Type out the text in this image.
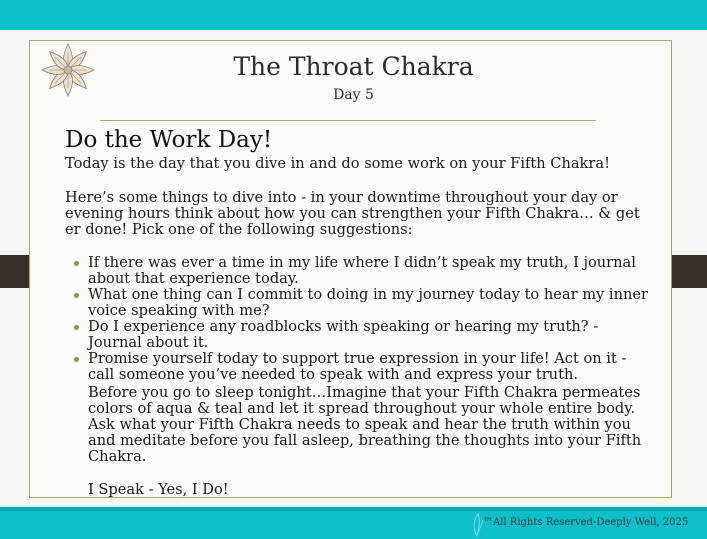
The Throat Chakra
Day 5
Do the Work Day!
Today is the day that you dive in and do some work on your Fifth Chakra!
Here’s some things to dive into - in your downtime throughout your day or evening hours think about how you can strengthen your Fifth Chakra… & get er done! Pick one of the following suggestions:
If there was ever a time in my life where I didn’t speak my truth, I journal about that experience today.
What one thing can I commit to doing in my journey today to hear my inner voice speaking with me?
Do I experience any roadblocks with speaking or hearing my truth? - Journal about it.
Promise yourself today to support true expression in your life! Act on it - call someone you’ve needed to speak with and express your truth.
Before you go to sleep tonight…Imagine that your Fifth Chakra permeates colors of aqua & teal and let it spread throughout your whole entire body. Ask what your Fifth Chakra needs to speak and hear the truth within you and meditate before you fall asleep, breathing the thoughts into your Fifth Chakra.
I Speak - Yes, I Do!
™All Rights Reserved-Deeply Well, 2025
